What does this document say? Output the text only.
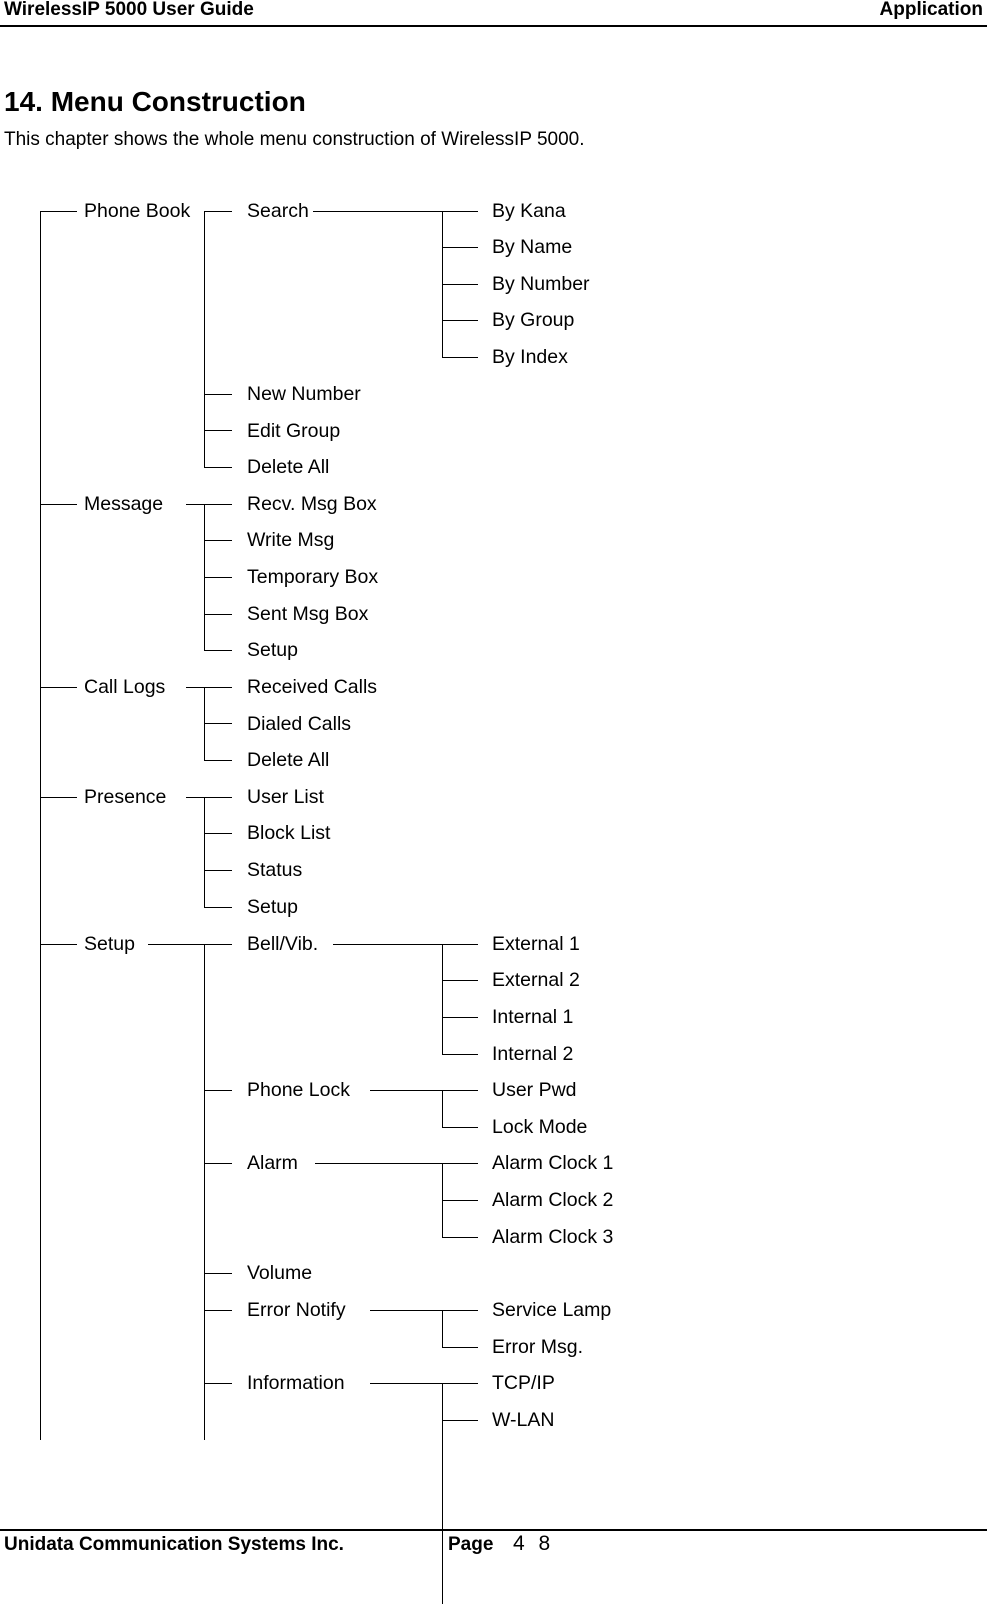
WirelessIP 5000 User Guide	Application
14. Menu Construction
This chapter shows the whole menu construction of WirelessIP 5000.
Phone Book
Message
Call Logs
Presence
Setup
Search
New Number
Edit Group
Delete All
By Kana
By Name
By Number
By Group
By Index
Recv. Msg Box
Write Msg
Temporary Box
Sent Msg Box
Setup
Received Calls
Dialed Calls
Delete All
User List
Block List
Status
Setup
Bell/Vib.
Phone Lock
Alarm
Volume
Error Notify
Information
External 1
External 2
Internal 1
Internal 2
User Pwd
Lock Mode
Alarm Clock 1
Alarm Clock 2
Alarm Clock 3
Service Lamp
Error Msg.
TCP/IP
W-LAN
Unidata Communication Systems Inc.	Page 4 8
